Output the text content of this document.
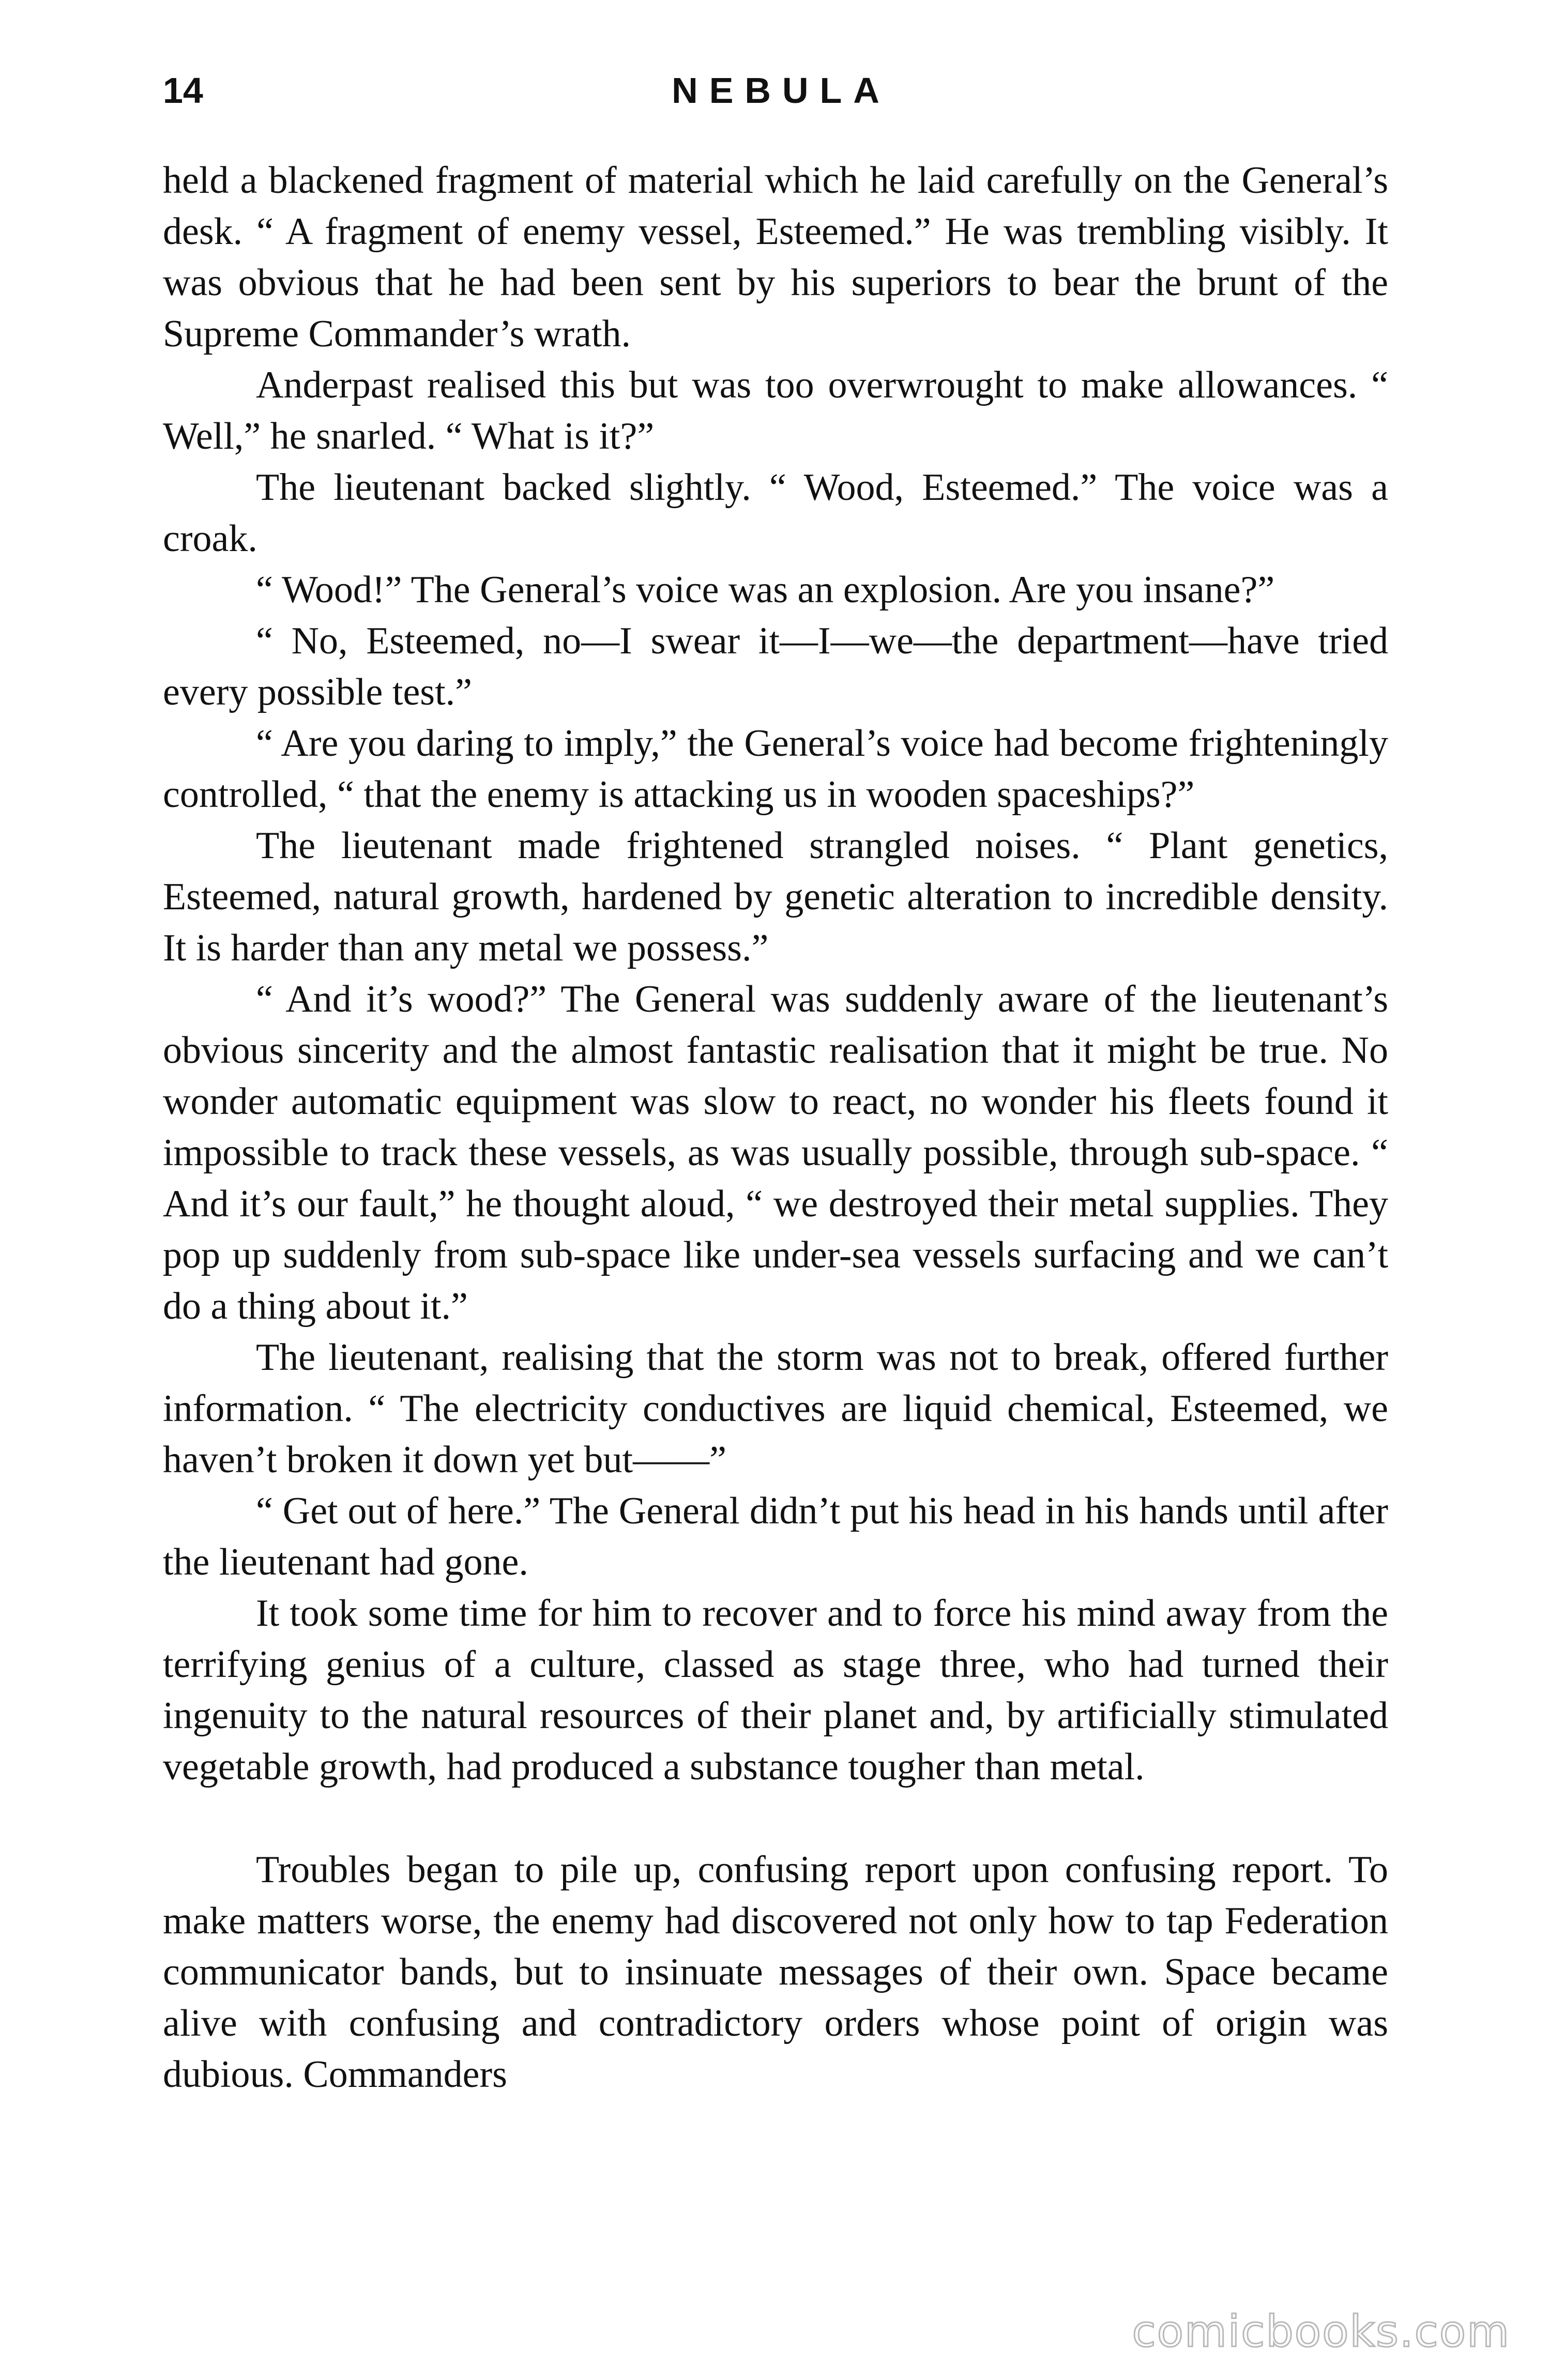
14	NEBULA

held a blackened fragment of material which he laid carefully on the General’s desk. “ A fragment of enemy vessel, Esteemed.” He was trembling visibly. It was obvious that he had been sent by his superiors to bear the brunt of the Supreme Commander’s wrath.

Anderpast realised this but was too overwrought to make allowances. “ Well,” he snarled. “ What is it?”

The lieutenant backed slightly. “ Wood, Esteemed.” The voice was a croak.

“ Wood!” The General’s voice was an explosion. Are you insane?”

“ No, Esteemed, no—I swear it—I—we—the department—have tried every possible test.”

“ Are you daring to imply,” the General’s voice had become frighteningly controlled, “ that the enemy is attacking us in wooden spaceships?”

The lieutenant made frightened strangled noises. “ Plant genetics, Esteemed, natural growth, hardened by genetic alteration to incredible density. It is harder than any metal we possess.”

“ And it’s wood?” The General was suddenly aware of the lieutenant’s obvious sincerity and the almost fantastic realisation that it might be true. No wonder automatic equipment was slow to react, no wonder his fleets found it impossible to track these vessels, as was usually possible, through sub-space. “ And it’s our fault,” he thought aloud, “ we destroyed their metal supplies. They pop up suddenly from sub-space like under-sea vessels surfacing and we can’t do a thing about it.”

The lieutenant, realising that the storm was not to break, offered further information. “ The electricity conductives are liquid chemical, Esteemed, we haven’t broken it down yet but——”

“ Get out of here.” The General didn’t put his head in his hands until after the lieutenant had gone.

It took some time for him to recover and to force his mind away from the terrifying genius of a culture, classed as stage three, who had turned their ingenuity to the natural resources of their planet and, by artificially stimulated vegetable growth, had produced a substance tougher than metal.

Troubles began to pile up, confusing report upon confusing report. To make matters worse, the enemy had discovered not only how to tap Federation communicator bands, but to insinuate messages of their own. Space became alive with confusing and contradictory orders whose point of origin was dubious. Commanders

comicbooks.com
